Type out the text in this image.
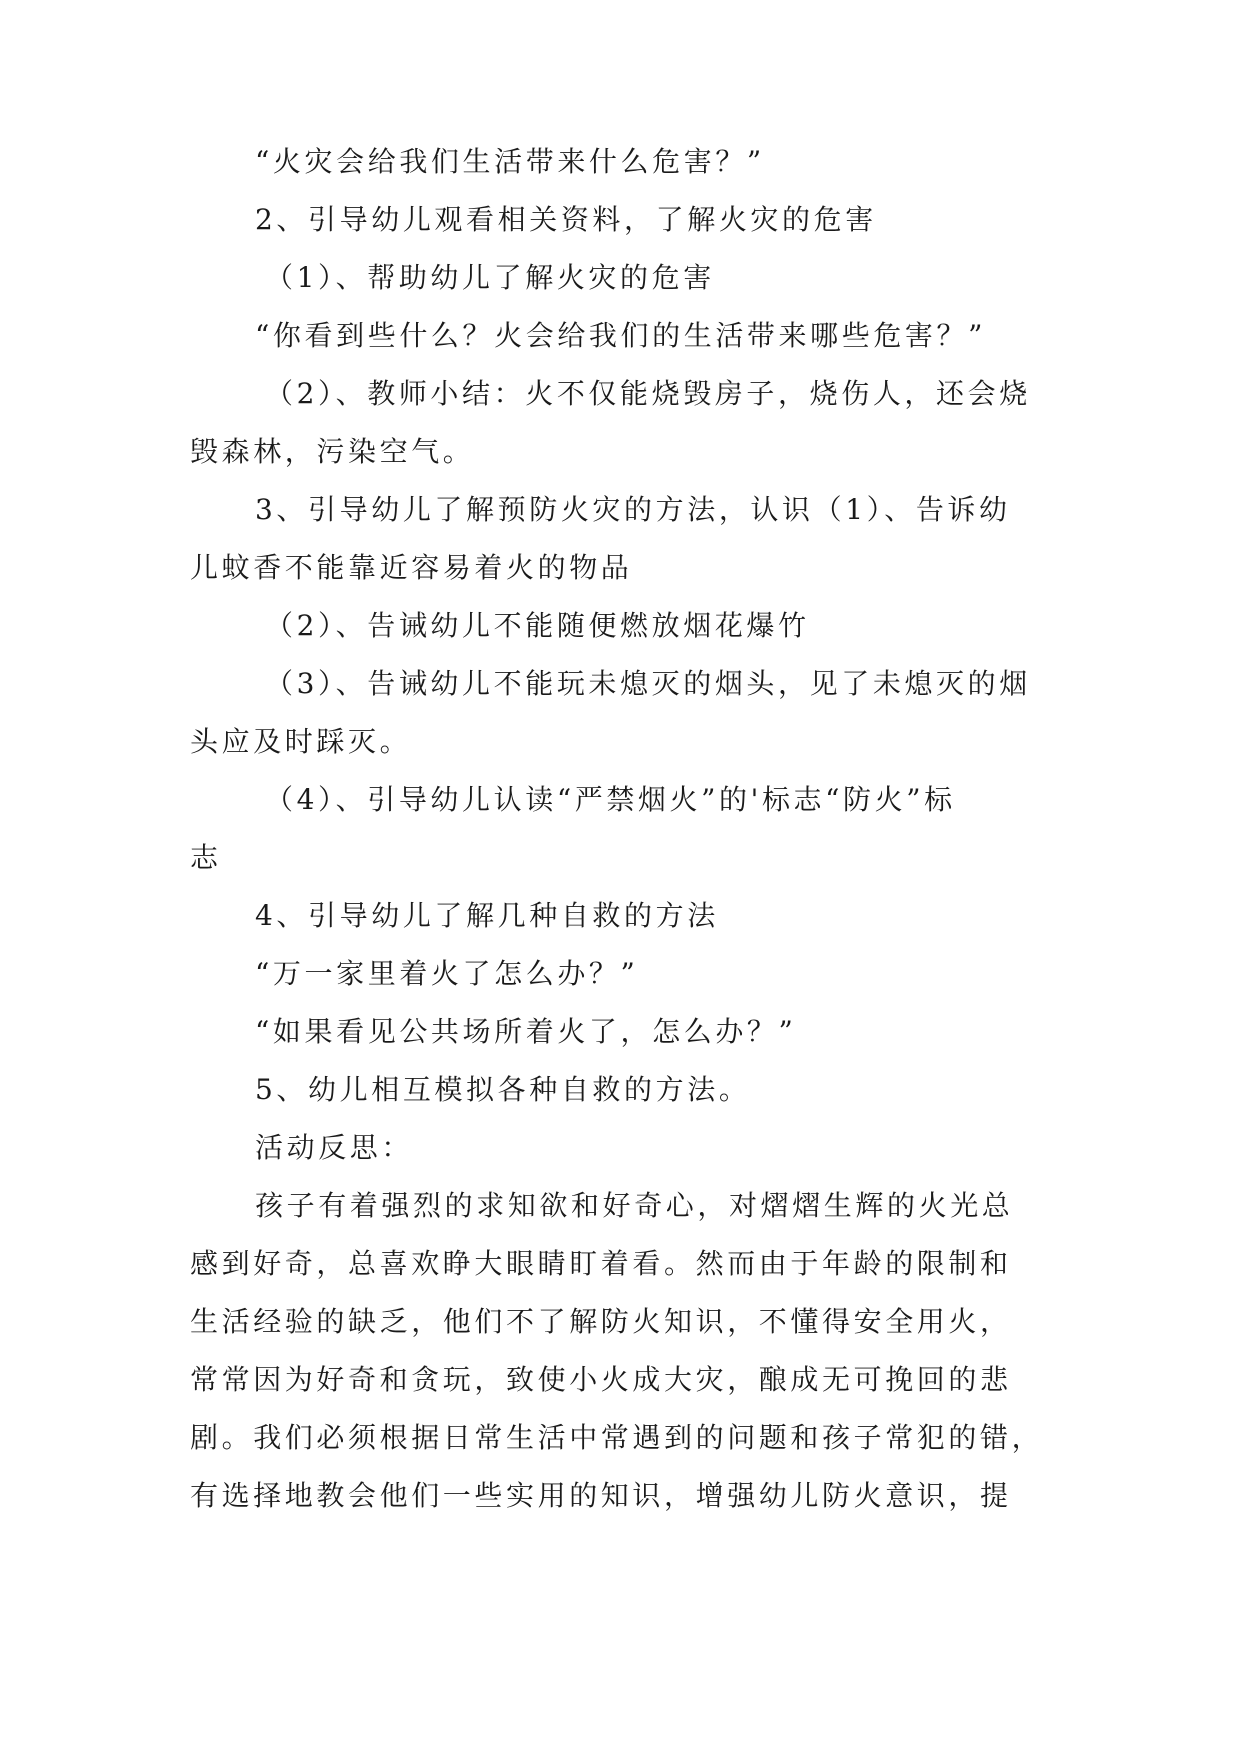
“火灾会给我们生活带来什么危害？”
2、引导幼儿观看相关资料，了解火灾的危害
（1）、帮助幼儿了解火灾的危害
“你看到些什么？火会给我们的生活带来哪些危害？”
（2）、教师小结：火不仅能烧毁房子，烧伤人，还会烧
毁森林，污染空气。
3、引导幼儿了解预防火灾的方法，认识（1）、告诉幼
儿蚊香不能靠近容易着火的物品
（2）、告诫幼儿不能随便燃放烟花爆竹
（3）、告诫幼儿不能玩未熄灭的烟头，见了未熄灭的烟
头应及时踩灭。
（4）、引导幼儿认读“严禁烟火”的'标志“防火”标
志
4、引导幼儿了解几种自救的方法
“万一家里着火了怎么办？”
“如果看见公共场所着火了，怎么办？”
5、幼儿相互模拟各种自救的方法。
活动反思：
孩子有着强烈的求知欲和好奇心，对熠熠生辉的火光总
感到好奇，总喜欢睁大眼睛盯着看。然而由于年龄的限制和
生活经验的缺乏，他们不了解防火知识，不懂得安全用火，
常常因为好奇和贪玩，致使小火成大灾，酿成无可挽回的悲
剧。我们必须根据日常生活中常遇到的问题和孩子常犯的错，
有选择地教会他们一些实用的知识，增强幼儿防火意识，提
